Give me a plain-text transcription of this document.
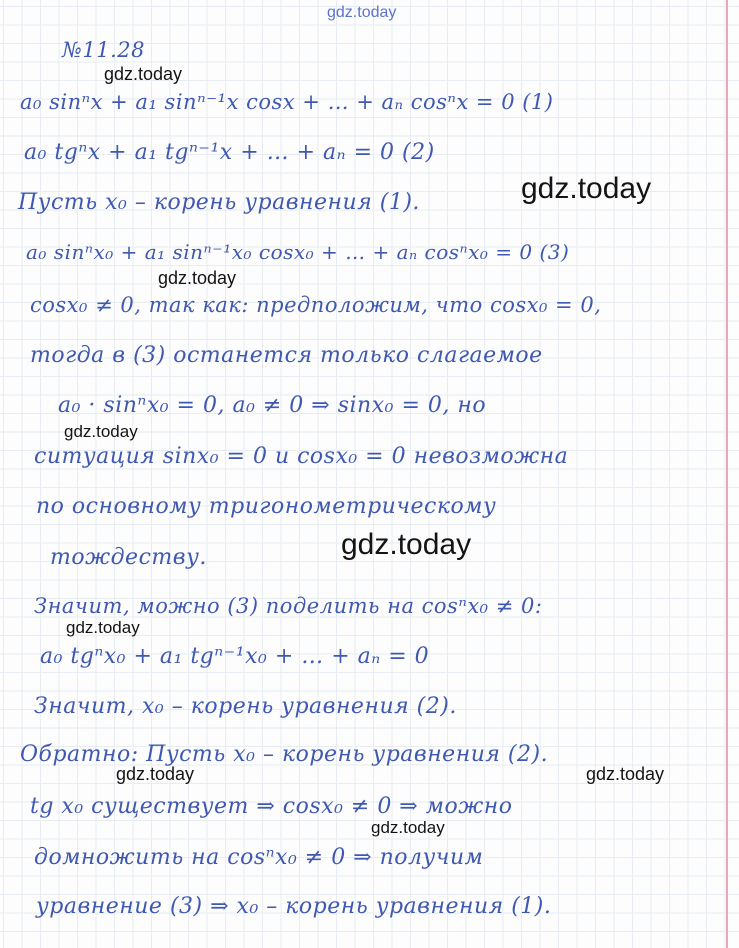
gdz.today
№11.28
a₀ sinⁿx + a₁ sinⁿ⁻¹x cosx + … + aₙ cosⁿx = 0 (1)
a₀ tgⁿx + a₁ tgⁿ⁻¹x + … + aₙ = 0 (2)
Пусть x₀ – корень уравнения (1).
a₀ sinⁿx₀ + a₁ sinⁿ⁻¹x₀ cosx₀ + … + aₙ cosⁿx₀ = 0 (3)
cosx₀ ≠ 0, так как: предположим, что cosx₀ = 0,
тогда в (3) останется только слагаемое
a₀ · sinⁿx₀ = 0, a₀ ≠ 0 ⇒ sinx₀ = 0, но
ситуация sinx₀ = 0 и cosx₀ = 0 невозможна
по основному тригонометрическому
тождеству.
Значит, можно (3) поделить на cosⁿx₀ ≠ 0:
a₀ tgⁿx₀ + a₁ tgⁿ⁻¹x₀ + … + aₙ = 0
Значит, x₀ – корень уравнения (2).
Обратно: Пусть x₀ – корень уравнения (2).
tg x₀ существует ⇒ cosx₀ ≠ 0 ⇒ можно
домножить на cosⁿx₀ ≠ 0 ⇒ получим
уравнение (3) ⇒ x₀ – корень уравнения (1).
gdz.today
gdz.today
gdz.today
gdz.today
gdz.today
gdz.today
gdz.today	gdz.today
gdz.today
